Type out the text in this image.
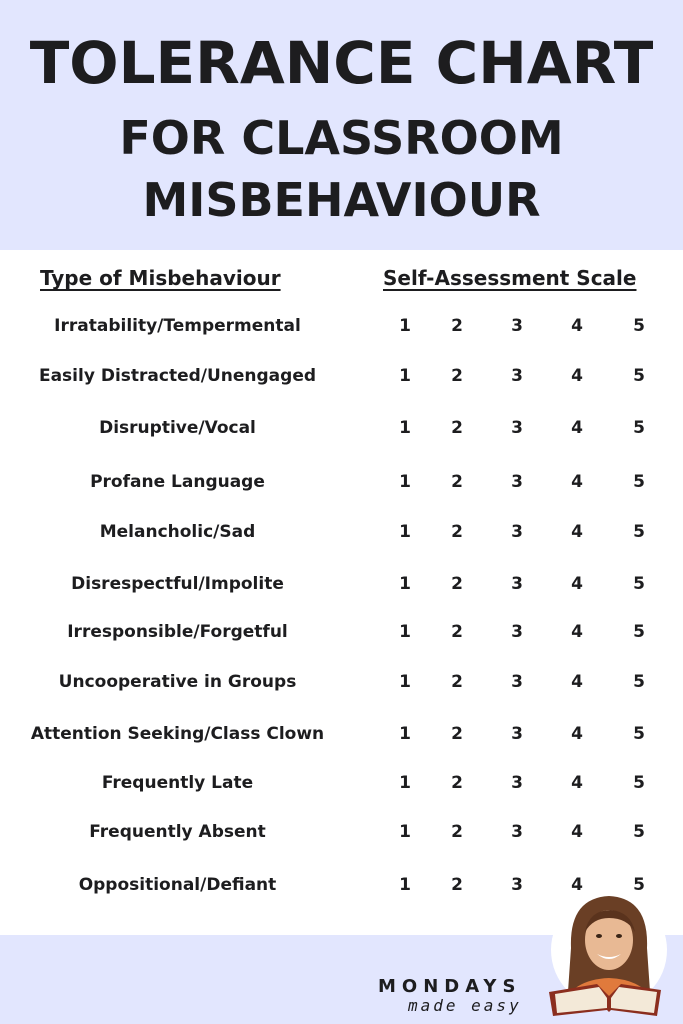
TOLERANCE CHART
FOR CLASSROOM
MISBEHAVIOUR
Type of Misbehaviour	Self-Assessment Scale
Irratability/Tempermental	1	2	3	4	5
Easily Distracted/Unengaged	1	2	3	4	5
Disruptive/Vocal	1	2	3	4	5
Profane Language	1	2	3	4	5
Melancholic/Sad	1	2	3	4	5
Disrespectful/Impolite	1	2	3	4	5
Irresponsible/Forgetful	1	2	3	4	5
Uncooperative in Groups	1	2	3	4	5
Attention Seeking/Class Clown	1	2	3	4	5
Frequently Late	1	2	3	4	5
Frequently Absent	1	2	3	4	5
Oppositional/Defiant	1	2	3	4	5
MONDAYS
made easy
